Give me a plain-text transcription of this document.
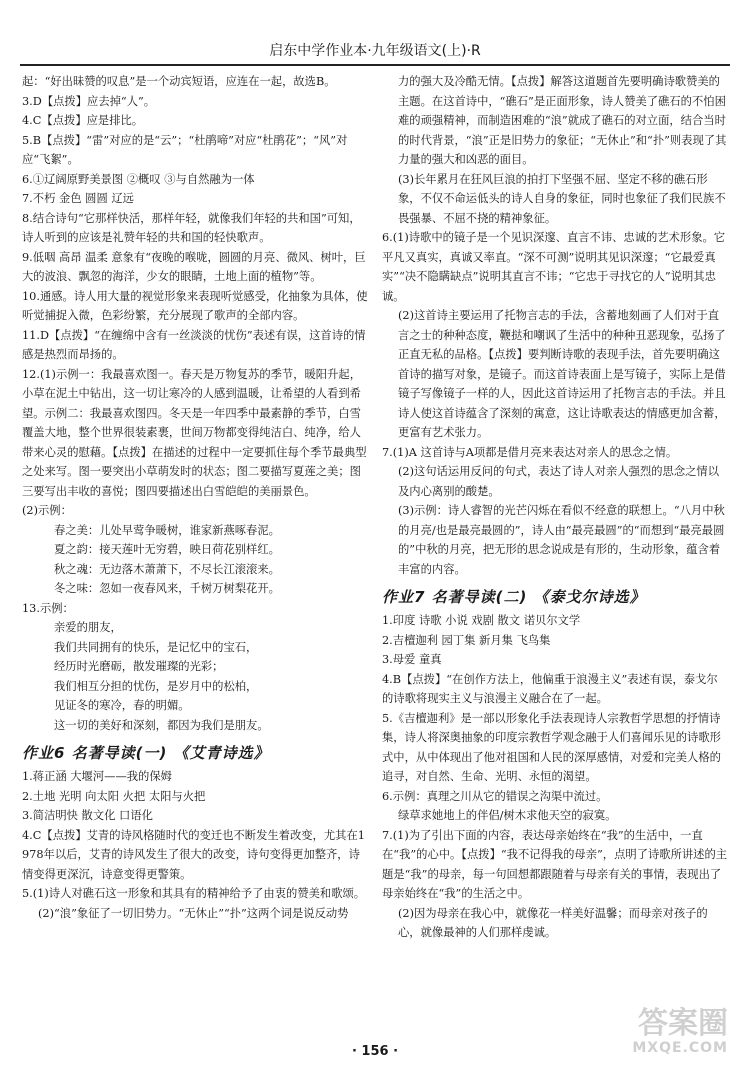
启东中学作业本·九年级语文(上)·R
起：“好出昧赞的叹息”是一个动宾短语，应连在一起，故选B。
3.D【点拨】应去掉“人”。
4.C【点拨】应是排比。
5.B【点拨】“雷”对应的是“云”；“杜鹃啼”对应“杜鹃花”；“风”对应“飞絮”。
6.①辽阔原野美景图 ②概叹 ③与自然融为一体
7.不朽 金色 圆圆 辽远
8.结合诗句“它那样快活，那样年轻，就像我们年轻的共和国”可知，诗人听到的应该是礼赞年轻的共和国的轻快歌声。
9.低咽 高昂 温柔 意象有“夜晚的喉咙，圆圆的月亮、微风、树叶，巨大的波浪、飘忽的海洋，少女的眼睛，土地上面的植物”等。
10.通感。诗人用大量的视觉形象来表现听觉感受，化抽象为具体，使听觉捕捉入微，色彩纷繁，充分展现了歌声的全部内容。
11.D【点拨】“在缠绵中含有一丝淡淡的忧伤”表述有误，这首诗的情感是热烈而昂扬的。
12.(1)示例一：我最喜欢图一。春天是万物复苏的季节，暖阳升起，小草在泥土中钻出，这一切让寒冷的人感到温暖，让希望的人看到希望。示例二：我最喜欢图四。冬天是一年四季中最素静的季节，白雪覆盖大地，整个世界很装素裹，世间万物都变得纯洁白、纯净，给人带来心灵的慰藉。【点拨】在描述的过程中一定要抓住每个季节最典型之处来写。图一要突出小草萌发时的状态；图二要描写夏莲之美；图三要写出丰收的喜悦；图四要描述出白雪皑皑的美丽景色。
(2)示例：
春之美：儿处早莺争暖树，谁家新燕啄春泥。
夏之韵：接天莲叶无穷碧，映日荷花别样红。
秋之魂：无边落木萧萧下，不尽长江滚滚来。
冬之味：忽如一夜春风来，千树万树梨花开。
13.示例：
亲爱的朋友，
我们共同拥有的快乐，是记忆中的宝石，
经历时光磨砺，散发璀璨的光彩；
我们相互分担的忧伤，是岁月中的松柏，
见证冬的寒冷，春的明媚。
这一切的美好和深刻，都因为我们是朋友。
作业6 名著导读(一) 《艾青诗选》
1.蒋正涵 大堰河——我的保姆
2.土地 光明 向太阳 火把 太阳与火把
3.简洁明快 散文化 口语化
4.C【点拨】艾青的诗风格随时代的变迁也不断发生着改变，尤其在1978年以后，艾青的诗风发生了很大的改变，诗句变得更加整齐，诗情变得更深沉，诗意变得更警策。
5.(1)诗人对礁石这一形象和其具有的精神给予了由衷的赞美和歌颂。
(2)“浪”象征了一切旧势力。“无休止”“扑”这两个词是说反动势
力的强大及冷酷无情。【点拨】解答这道题首先要明确诗歌赞美的主题。在这首诗中，“礁石”是正面形象，诗人赞美了礁石的不怕困难的顽强精神，而制造困难的“浪”就成了礁石的对立面，结合当时的时代背景，“浪”正是旧势力的象征；“无休止”和“扑”则表现了其力量的强大和凶恶的面目。
(3)长年累月在狂风巨浪的拍打下坚强不屈、坚定不移的礁石形象，不仅不命运低头的诗人自身的象征，同时也象征了我们民族不畏强暴、不屈不挠的精神象征。
6.(1)诗歌中的镜子是一个见识深邃、直言不讳、忠诚的艺术形象。它平凡又真实，真诚又率直。“深不可测”说明其见识深邃；“它最爱真实”“决不隐瞒缺点”说明其直言不讳；“它忠于寻找它的人”说明其忠诚。
(2)这首诗主要运用了托物言志的手法，含蓄地刻画了人们对于直言之士的种种态度，鞭挞和嘲讽了生活中的种种丑恶现象，弘扬了正直无私的品格。【点拨】要判断诗歌的表现手法，首先要明确这首诗的描写对象，是镜子。而这首诗表面上是写镜子，实际上是借镜子写像镜子一样的人，因此这首诗运用了托物言志的手法。并且诗人使这首诗蕴含了深刻的寓意，这让诗歌表达的情感更加含蓄，更富有艺术张力。
7.(1)A 这首诗与A项都是借月亮来表达对亲人的思念之情。
(2)这句话运用反问的句式，表达了诗人对亲人强烈的思念之情以及内心离别的酸楚。
(3)示例：诗人睿智的光芒闪烁在看似不经意的联想上。“八月中秋的月亮/也是最亮最圆的”，诗人由“最亮最圆”的“而想到“最亮最圆的”中秋的月亮，把无形的思念说成是有形的，生动形象，蕴含着丰富的内容。
作业7 名著导读(二) 《泰戈尔诗选》
1.印度 诗歌 小说 戏剧 散文 诺贝尔文学
2.吉檀迦利 园丁集 新月集 飞鸟集
3.母爱 童真
4.B【点拨】“在创作方法上，他偏重于浪漫主义”表述有误，泰戈尔的诗歌将现实主义与浪漫主义融合在了一起。
5.《吉檀迦利》是一部以形象化手法表现诗人宗教哲学思想的抒情诗集，诗人将深奥抽象的印度宗教哲学观念融于人们喜闻乐见的诗歌形式中，从中体现出了他对祖国和人民的深厚感情，对爱和完美人格的追寻，对自然、生命、光明、永恒的渴望。
6.示例：真理之川从它的错误之沟渠中流过。
绿草求她地上的伴侣/树木求他天空的寂寞。
7.(1)为了引出下面的内容，表达母亲始终在“我”的生活中，一直在“我”的心中。【点拨】“我不记得我的母亲”，点明了诗歌所讲述的主题是“我”的母亲，每一句回想都跟随着与母亲有关的事情，表现出了母亲始终在“我”的生活之中。
(2)因为母亲在我心中，就像花一样美好温馨；而母亲对孩子的心，就像最神的人们那样虔诚。
· 156 ·
答案圈
MXQE.COM
